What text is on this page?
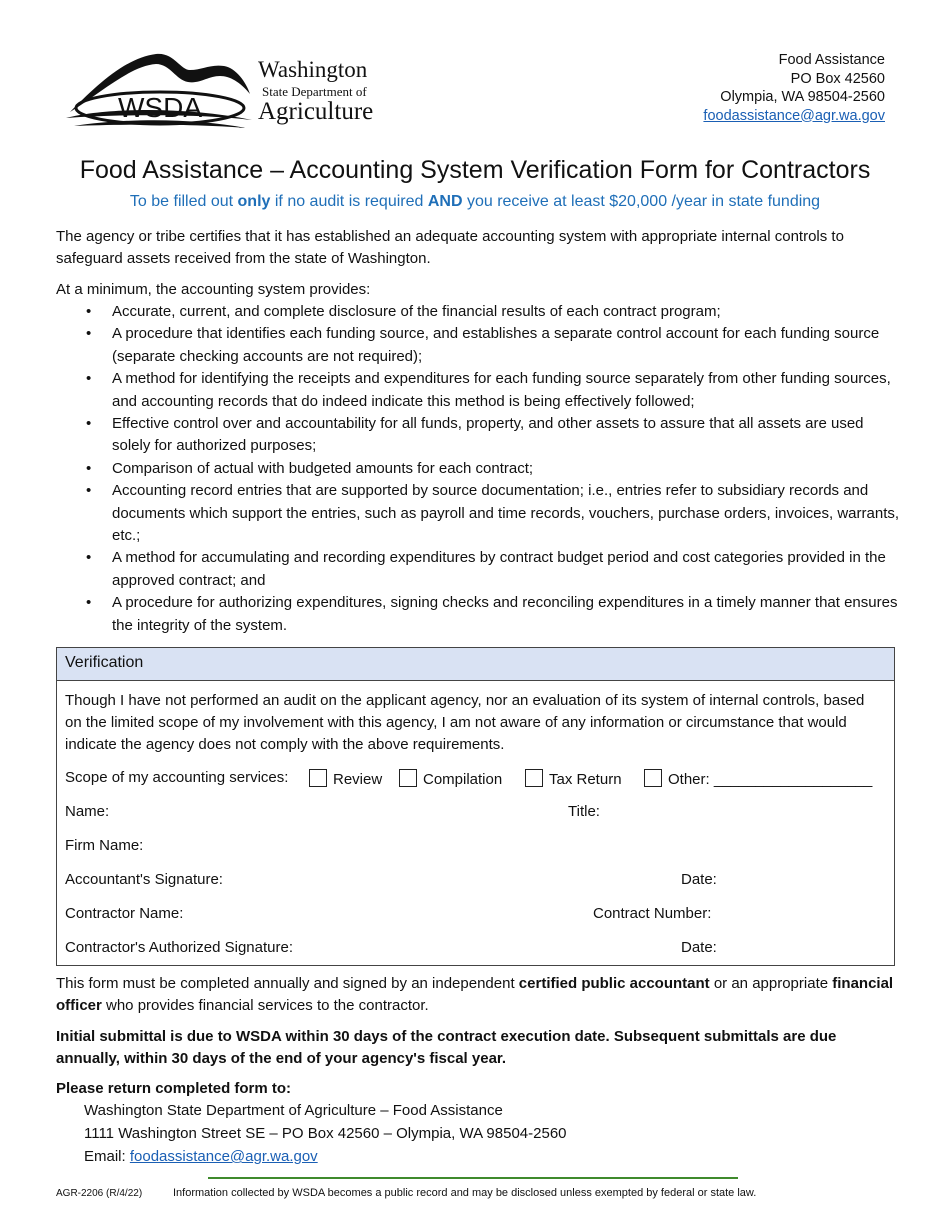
WSDA
Washington
State Department of
Agriculture
Food Assistance
PO Box 42560
Olympia, WA 98504-2560
foodassistance@agr.wa.gov
Food Assistance – Accounting System Verification Form for Contractors
To be filled out only if no audit is required AND you receive at least $20,000 /year in state funding
The agency or tribe certifies that it has established an adequate accounting system with appropriate internal controls to safeguard assets received from the state of Washington.
At a minimum, the accounting system provides:
• Accurate, current, and complete disclosure of the financial results of each contract program;
• A procedure that identifies each funding source, and establishes a separate control account for each funding source (separate checking accounts are not required);
• A method for identifying the receipts and expenditures for each funding source separately from other funding sources, and accounting records that do indeed indicate this method is being effectively followed;
• Effective control over and accountability for all funds, property, and other assets to assure that all assets are used solely for authorized purposes;
• Comparison of actual with budgeted amounts for each contract;
• Accounting record entries that are supported by source documentation; i.e., entries refer to subsidiary records and documents which support the entries, such as payroll and time records, vouchers, purchase orders, invoices, warrants, etc.;
• A method for accumulating and recording expenditures by contract budget period and cost categories provided in the approved contract; and
• A procedure for authorizing expenditures, signing checks and reconciling expenditures in a timely manner that ensures the integrity of the system.
Verification
Though I have not performed an audit on the applicant agency, nor an evaluation of its system of internal controls, based on the limited scope of my involvement with this agency, I am not aware of any information or circumstance that would indicate the agency does not comply with the above requirements.
Scope of my accounting services:	Review	Compilation	Tax Return	Other: ___________________
Name:	Title:
Firm Name:
Accountant's Signature:	Date:
Contractor Name:	Contract Number:
Contractor's Authorized Signature:	Date:
This form must be completed annually and signed by an independent certified public accountant or an appropriate financial officer who provides financial services to the contractor.
Initial submittal is due to WSDA within 30 days of the contract execution date. Subsequent submittals are due annually, within 30 days of the end of your agency's fiscal year.
Please return completed form to:
Washington State Department of Agriculture – Food Assistance
1111 Washington Street SE – PO Box 42560 – Olympia, WA 98504-2560
Email: foodassistance@agr.wa.gov
AGR-2206 (R/4/22)	Information collected by WSDA becomes a public record and may be disclosed unless exempted by federal or state law.
